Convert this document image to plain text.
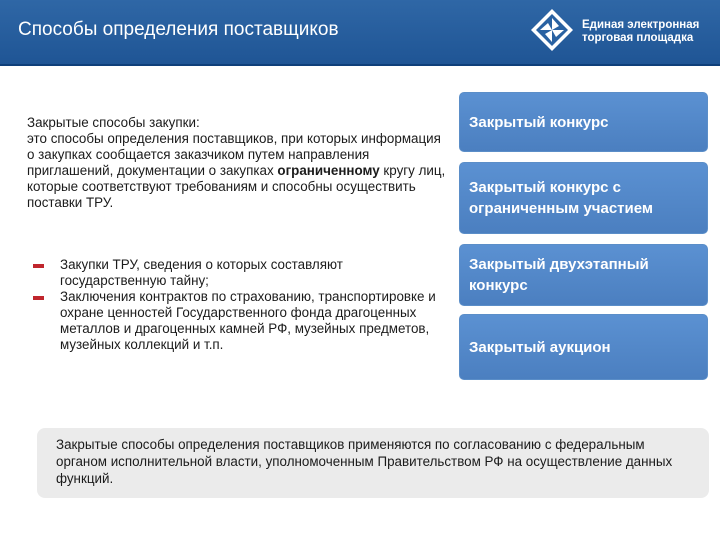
Способы определения поставщиков	Единая электронная
торговая площадка
Закрытые способы закупки:
это способы определения поставщиков, при которых информация о закупках сообщается заказчиком путем направления приглашений, документации о закупках ограниченному кругу лиц, которые соответствуют требованиям и способны осуществить поставки ТРУ.
Закупки ТРУ, сведения о которых составляют государственную тайну;
Заключения контрактов по страхованию, транспортировке и охране ценностей Государственного фонда драгоценных металлов и драгоценных камней РФ, музейных предметов, музейных коллекций и т.п.
Закрытый конкурс
Закрытый конкурс с ограниченным участием
Закрытый двухэтапный конкурс
Закрытый аукцион
Закрытые способы определения поставщиков применяются по согласованию с федеральным органом исполнительной власти, уполномоченным Правительством РФ на осуществление данных функций.
